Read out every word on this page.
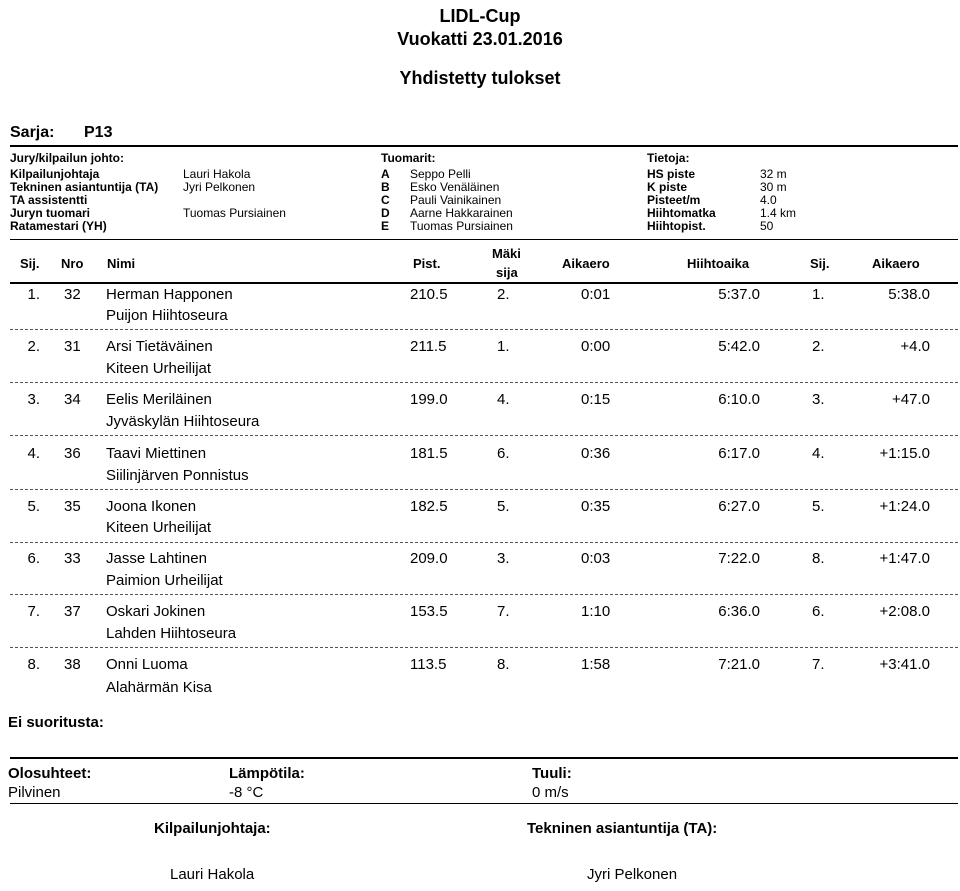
LIDL-Cup
Vuokatti 23.01.2016
Yhdistetty tulokset
Sarja: P13
Jury/kilpailun johto:
Kilpailunjohtaja	Lauri Hakola
Tekninen asiantuntija (TA) Jyri Pelkonen
TA assistentti
Juryn tuomari	Tuomas Pursiainen
Ratamestari (YH)
Tuomarit:
A Seppo Pelli
B Esko Venäläinen
C Pauli Vainikainen
D Aarne Hakkarainen
E Tuomas Pursiainen
Tietoja:
HS piste	32 m
K piste	30 m
Pisteet/m	4.0
Hiihtomatka	1.4 km
Hiihtopist.	50
Sij. Nro Nimi	Pist.
Mäki
sija
Aikaero	Hiihtoaika	Sij.	Aikaero
1. 32 Herman Happonen
Puijon Hiihtoseura
210.5	2.	0:01	5:37.0	1.	5:38.0
2. 31 Arsi Tietäväinen
Kiteen Urheilijat
211.5	1.	0:00	5:42.0	2.	+4.0
3. 34 Eelis Meriläinen
Jyväskylän Hiihtoseura
199.0	4.	0:15	6:10.0	3.	+47.0
4. 36 Taavi Miettinen
Siilinjärven Ponnistus
181.5	6.	0:36	6:17.0	4.	+1:15.0
5. 35 Joona Ikonen
Kiteen Urheilijat
182.5	5.	0:35	6:27.0	5.	+1:24.0
6. 33 Jasse Lahtinen
Paimion Urheilijat
209.0	3.	0:03	7:22.0	8.	+1:47.0
7. 37 Oskari Jokinen
Lahden Hiihtoseura
153.5	7.	1:10	6:36.0	6.	+2:08.0
8. 38 Onni Luoma
Alahärmän Kisa
113.5	8.	1:58	7:21.0	7.	+3:41.0
Ei suoritusta:
Olosuhteet:
Pilvinen
Lämpötila:
-8 °C
Tuuli:
0 m/s
Kilpailunjohtaja:
Lauri Hakola
Tekninen asiantuntija (TA):
Jyri Pelkonen
